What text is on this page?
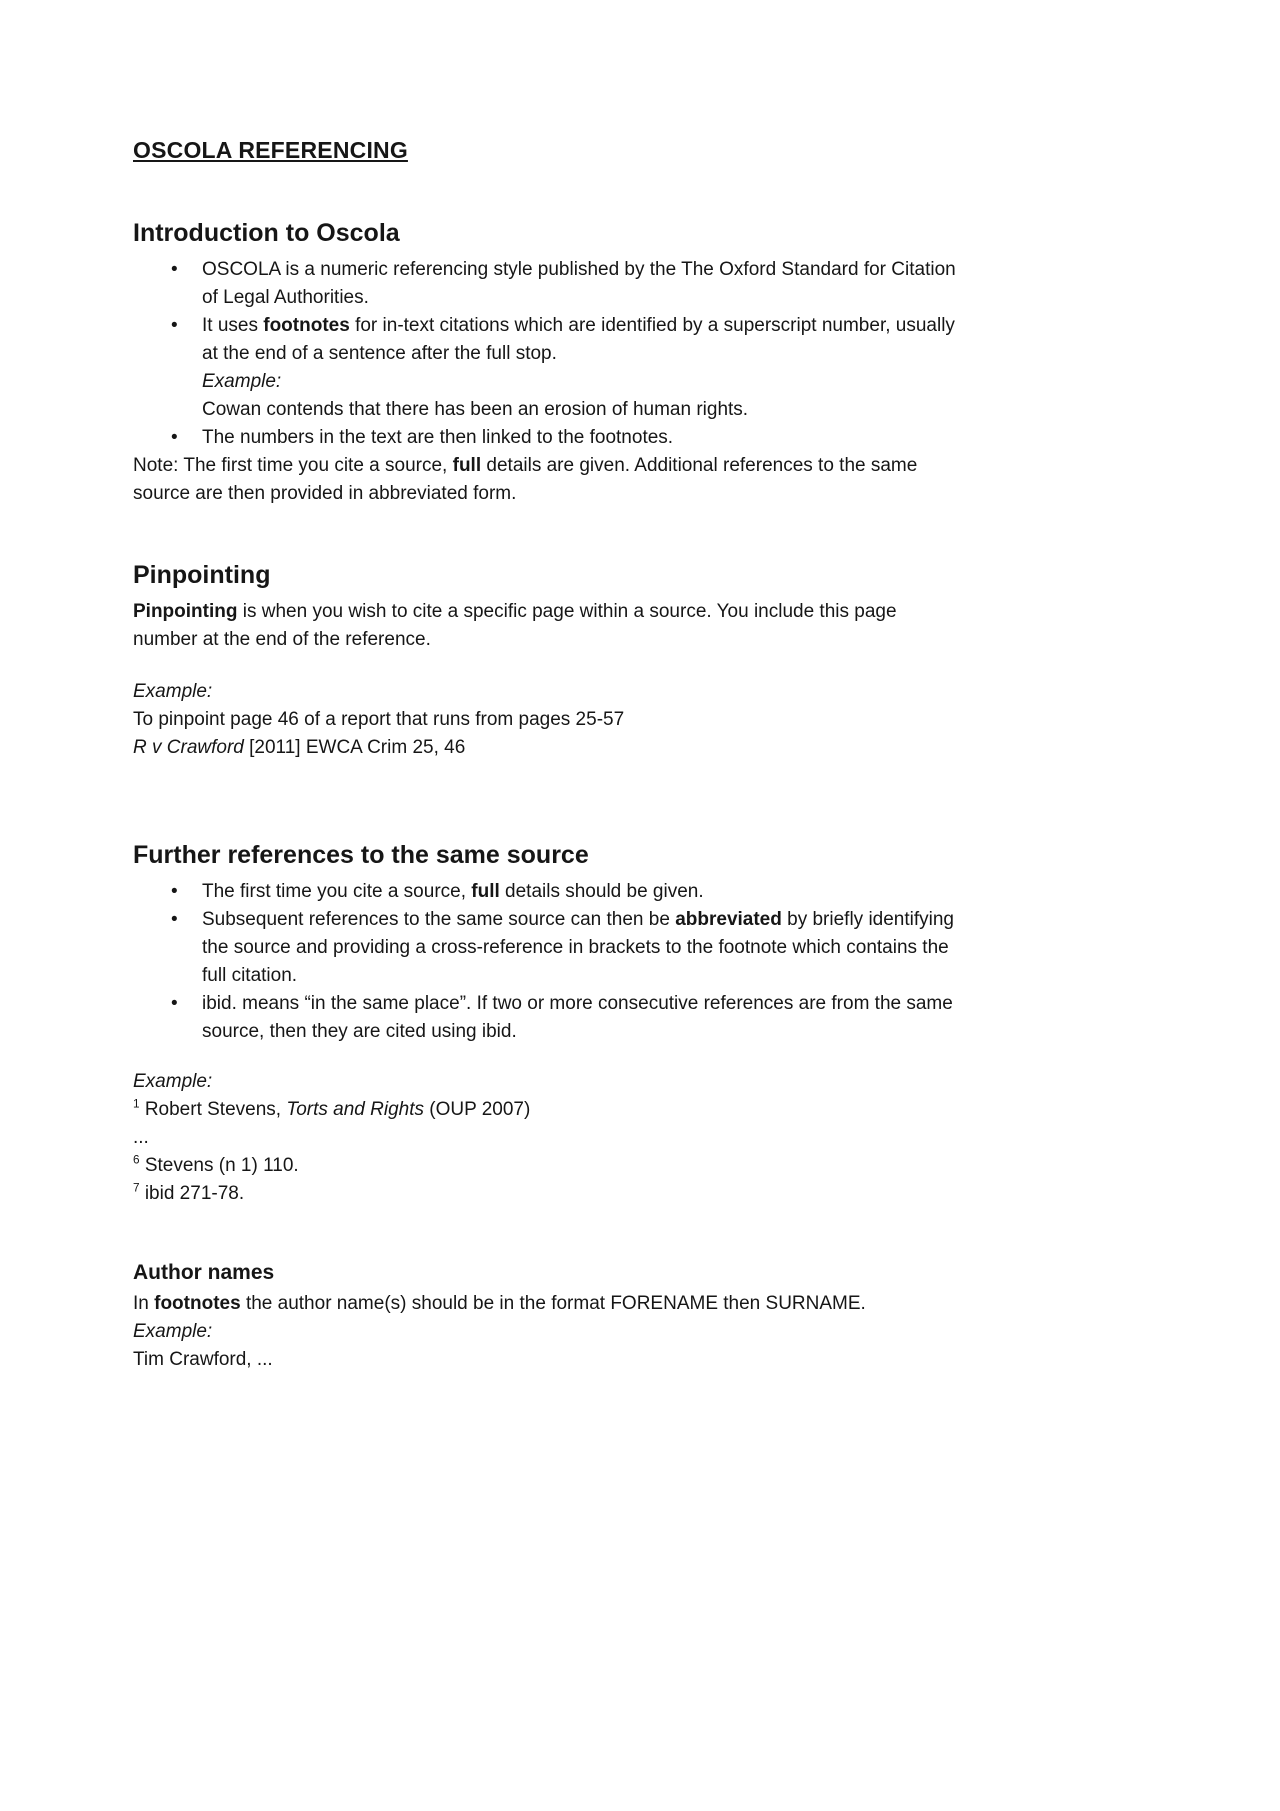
OSCOLA REFERENCING
Introduction to Oscola
• OSCOLA is a numeric referencing style published by the The Oxford Standard for Citation of Legal Authorities.
• It uses footnotes for in-text citations which are identified by a superscript number, usually at the end of a sentence after the full stop.
Example:
Cowan contends that there has been an erosion of human rights.
• The numbers in the text are then linked to the footnotes.

Note: The first time you cite a source, full details are given. Additional references to the same source are then provided in abbreviated form.

Pinpointing

Pinpointing is when you wish to cite a specific page within a source. You include this page number at the end of the reference.

Example:

To pinpoint page 46 of a report that runs from pages 25-57

R v Crawford [2011] EWCA Crim 25, 46

Further references to the same source
• The first time you cite a source, full details should be given.
• Subsequent references to the same source can then be abbreviated by briefly identifying the source and providing a cross-reference in brackets to the footnote which contains the full citation.
• ibid. means “in the same place”. If two or more consecutive references are from the same source, then they are cited using ibid.

Example:

$^1$ Robert Stevens, Torts and Rights (OUP 2007)

...

$^6$ Stevens (n 1) 110.

$^7$ ibid 271-78.

Author names

In footnotes the author name(s) should be in the format FORENAME then SURNAME.

Example:

Tim Crawford, ...
